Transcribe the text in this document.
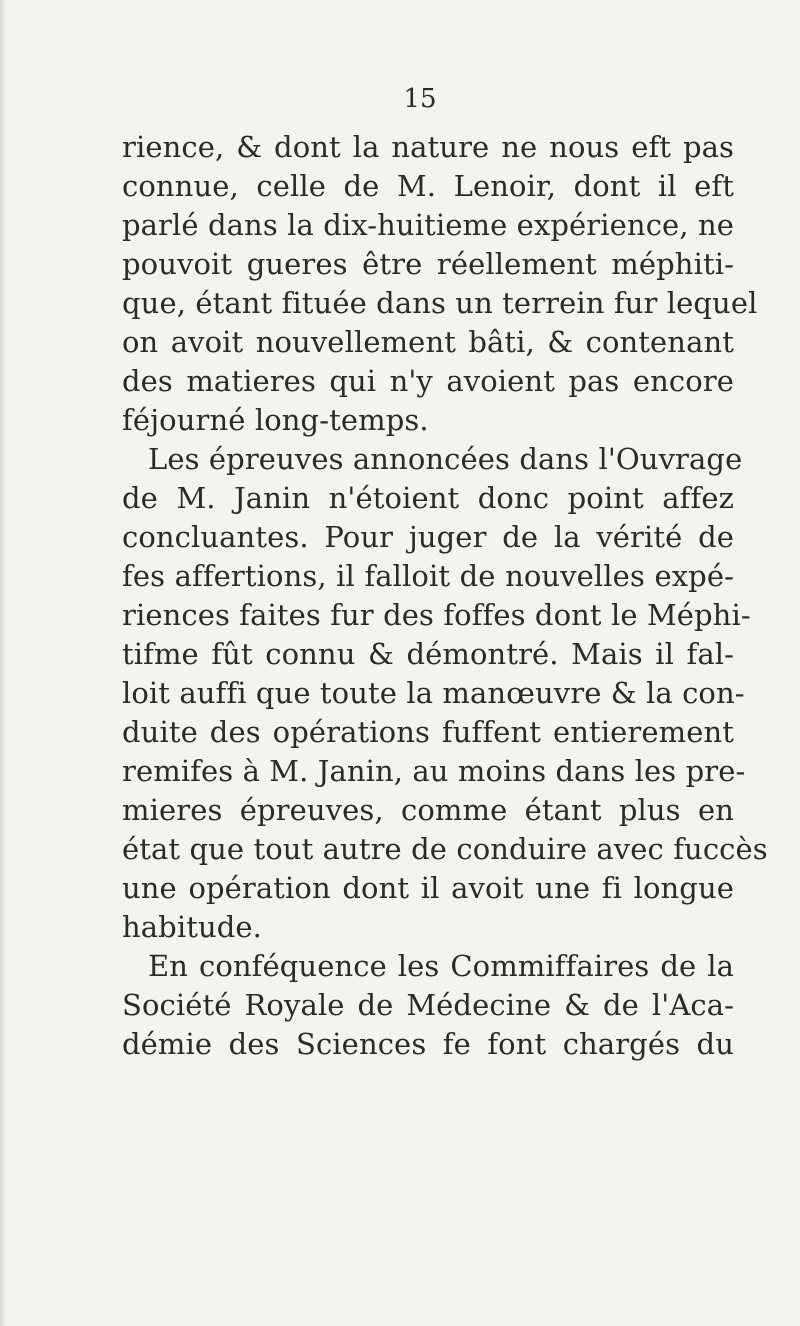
15
rience, & dont la nature ne nous eft pas
connue, celle de M. Lenoir, dont il eft
parlé dans la dix-huitieme expérience, ne
pouvoit gueres être réellement méphiti-
que, étant fituée dans un terrein fur lequel
on avoit nouvellement bâti, & contenant
des matieres qui n'y avoient pas encore
féjourné long-temps.
Les épreuves annoncées dans l'Ouvrage
de M. Janin n'étoient donc point affez
concluantes. Pour juger de la vérité de
fes affertions, il falloit de nouvelles expé-
riences faites fur des foffes dont le Méphi-
tifme fût connu & démontré. Mais il fal-
loit auffi que toute la manœuvre & la con-
duite des opérations fuffent entierement
remifes à M. Janin, au moins dans les pre-
mieres épreuves, comme étant plus en
état que tout autre de conduire avec fuccès
une opération dont il avoit une fi longue
habitude.
En conféquence les Commiffaires de la
Société Royale de Médecine & de l'Aca-
démie des Sciences fe font chargés du
